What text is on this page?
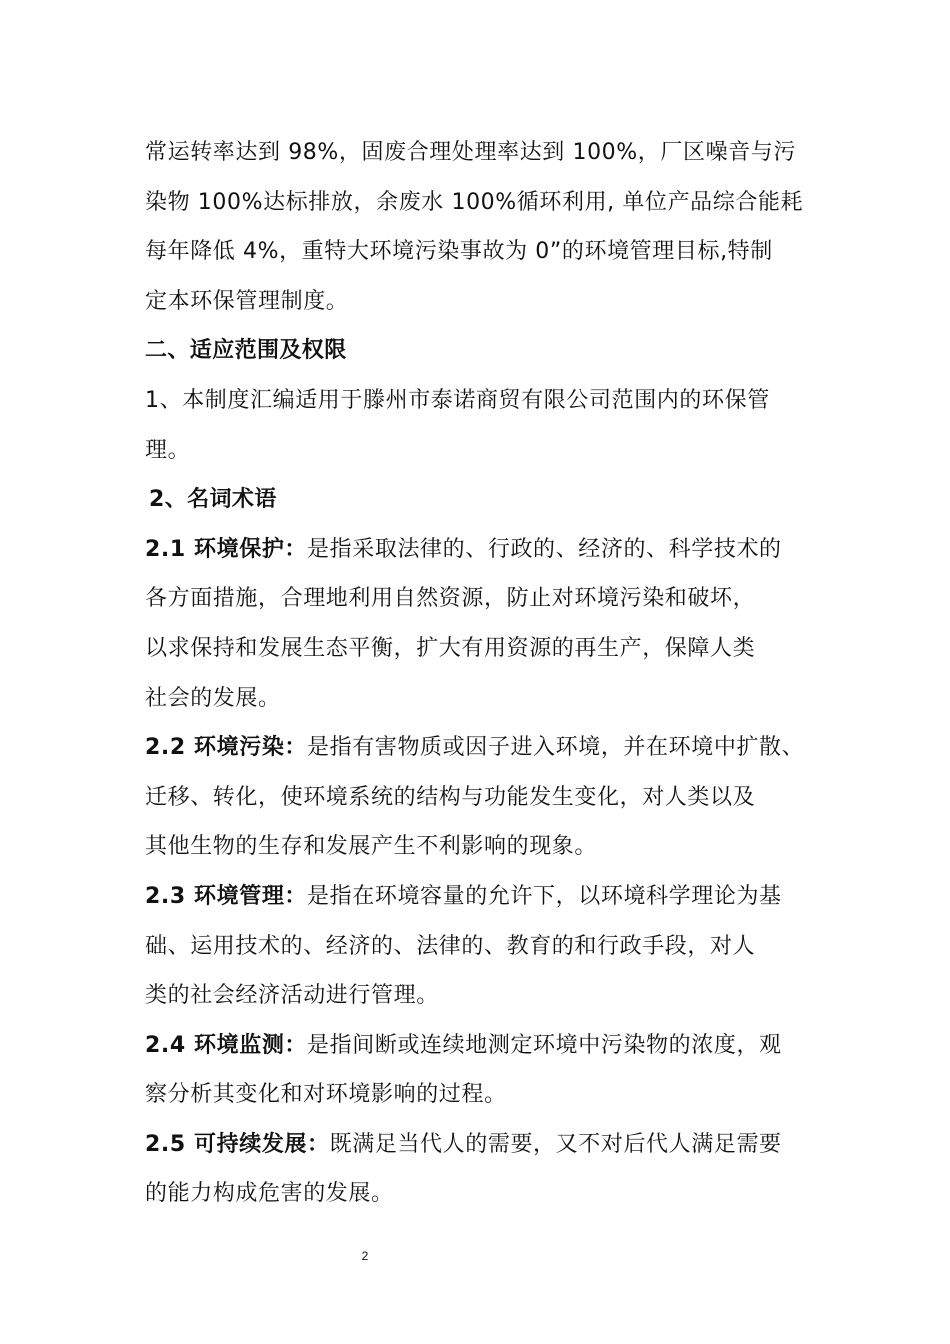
常运转率达到 98%，固废合理处理率达到 100%，厂区噪音与污
染物 100%达标排放，余废水 100%循环利用, 单位产品综合能耗
每年降低 4%，重特大环境污染事故为 0”的环境管理目标,特制
定本环保管理制度。
二、适应范围及权限
1、本制度汇编适用于滕州市泰诺商贸有限公司范围内的环保管
理。
2、名词术语
2.1 环境保护：是指采取法律的、行政的、经济的、科学技术的
各方面措施，合理地利用自然资源，防止对环境污染和破坏，
以求保持和发展生态平衡，扩大有用资源的再生产，保障人类
社会的发展。
2.2 环境污染：是指有害物质或因子进入环境，并在环境中扩散、
迁移、转化，使环境系统的结构与功能发生变化，对人类以及
其他生物的生存和发展产生不利影响的现象。
2.3 环境管理：是指在环境容量的允许下，以环境科学理论为基
础、运用技术的、经济的、法律的、教育的和行政手段，对人
类的社会经济活动进行管理。
2.4 环境监测：是指间断或连续地测定环境中污染物的浓度，观
察分析其变化和对环境影响的过程。
2.5 可持续发展：既满足当代人的需要，又不对后代人满足需要
的能力构成危害的发展。
2
